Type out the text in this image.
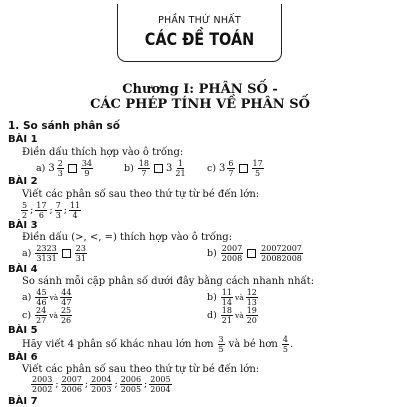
PHẦN THỨ NHẤT
CÁC ĐỀ TOÁN
Chương I: PHÂN SỐ -
CÁC PHÉP TÍNH VỀ PHÂN SỐ
1. So sánh phân số
BÀI 1
Điền dấu thích hợp vào ô trống:
a) $3 \frac{2}{3} \frac{34}{9}$	$b) \frac{18}{7} 3 \frac{1}{21} c$) $3 \frac{6}{7} \frac{17}{5}$
BÀI 2
Viết các phân số sau theo thứ tự từ bé đến lớn:
$\frac{5}{2}$ ; $\frac{17}{6}$ ; $\frac{7}{3}$ ; $\frac{11}{4}$
BÀI 3
Điền dấu (>, <, =) thích hợp vào ô trống:
$a) \frac{2323}{3131} \frac{23}{31}$	$b) \frac{2007}{2008} \frac{20072007}{20082008}$
BÀI 4
So sánh mỗi cặp phân số dưới đây bằng cách nhanh nhất:
$a) \frac{45}{46}$ và $\frac{44}{47}$	$b) \frac{11}{14}$ và $\frac{12}{13}$
$c) \frac{24}{27}$ và $\frac{25}{26}$	$d) \frac{18}{21}$ và $\frac{19}{20}$
BÀI 5
Hãy viết 4 phân số khác nhau lớn hơn $\frac{3}{5}$ và bé hơn $\frac{4}{5}$ .
BÀI 6
Viết các phân số sau theo thứ tự từ bé đến lớn:
$\frac{2003}{2002}$ ; $\frac{2007}{2006}$ ; $\frac{2004}{2003}$ ; $\frac{2006}{2005}$ ; $\frac{2005}{2004}$
BÀI 7
